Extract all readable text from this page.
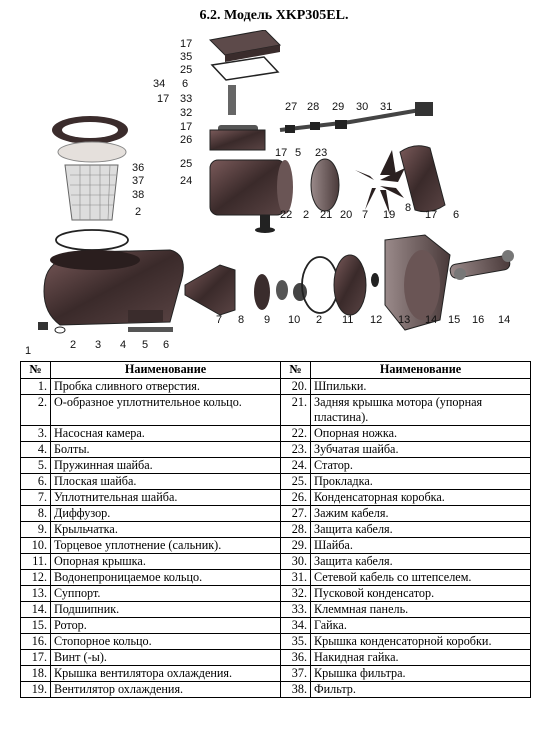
6.2. Модель XKP305EL.
17
35
25
34 6
17 33
32
17
26
27 28 29 30 31
36
37
38
2
25
24
17 5 23
22 2 21 20 7 19
8
17 6
1	2 3 4 5 6
7 8 9 10 2 11 12 13 14 15 16 14
№	Наименование	№	Наименование
1.	Пробка сливного отверстия.	20.	Шпильки.
2.	О-образное уплотнительное кольцо.	21.	Задняя крышка мотора (упорная пластина).
3.	Насосная камера.	22.	Опорная ножка.
4.	Болты.	23.	Зубчатая шайба.
5.	Пружинная шайба.	24.	Статор.
6.	Плоская шайба.	25.	Прокладка.
7.	Уплотнительная шайба.	26.	Конденсаторная коробка.
8.	Диффузор.	27.	Зажим кабеля.
9.	Крыльчатка.	28.	Защита кабеля.
10.	Торцевое уплотнение (сальник).	29.	Шайба.
11.	Опорная крышка.	30.	Защита кабеля.
12.	Водонепроницаемое кольцо.	31.	Сетевой кабель со штепселем.
13.	Суппорт.	32.	Пусковой конденсатор.
14.	Подшипник.	33.	Клеммная панель.
15.	Ротор.	34.	Гайка.
16.	Стопорное кольцо.	35.	Крышка конденсаторной коробки.
17.	Винт (-ы).	36.	Накидная гайка.
18.	Крышка вентилятора охлаждения.	37.	Крышка фильтра.
19.	Вентилятор охлаждения.	38.	Фильтр.
